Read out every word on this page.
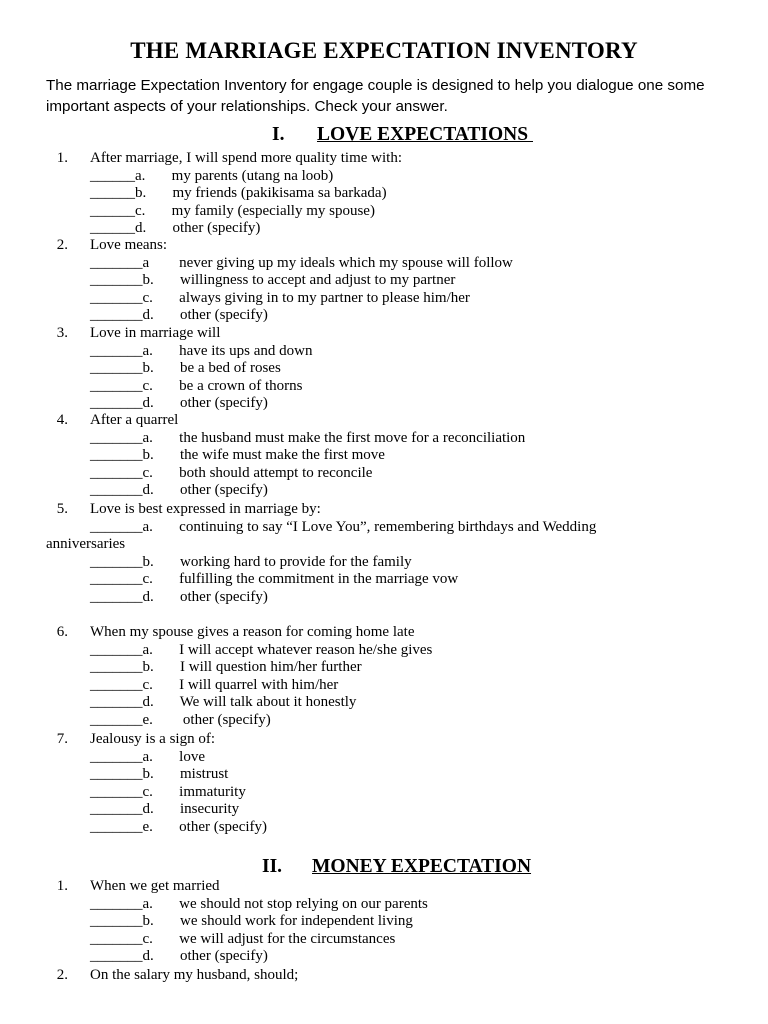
THE MARRIAGE EXPECTATION INVENTORY
The marriage Expectation Inventory for engage couple is designed to help you dialogue one some important aspects of your relationships. Check your answer.
I. LOVE EXPECTATIONS
II. MONEY EXPECTATION
1. After marriage, I will spend more quality time with:
______a.       my parents (utang na loob)
______b.       my friends (pakikisama sa barkada)
______c.       my family (especially my spouse)
______d.       other (specify)
2. Love means:
_______a        never giving up my ideals which my spouse will follow
_______b.       willingness to accept and adjust to my partner
_______c.       always giving in to my partner to please him/her
_______d.       other (specify)
3. Love in marriage will
_______a.       have its ups and down
_______b.       be a bed of roses
_______c.       be a crown of thorns
_______d.       other (specify)
4. After a quarrel
_______a.       the husband must make the first move for a reconciliation
_______b.       the wife must make the first move
_______c.       both should attempt to reconcile
_______d.       other (specify)
5. Love is best expressed in marriage by:
_______a.       continuing to say “I Love You”, remembering birthdays and Wedding
anniversaries
_______b.       working hard to provide for the family
_______c.       fulfilling the commitment in the marriage vow
_______d.       other (specify)
6. When my spouse gives a reason for coming home late
_______a.       I will accept whatever reason he/she gives
_______b.       I will question him/her further
_______c.       I will quarrel with him/her
_______d.       We will talk about it honestly
_______e.        other (specify)
7. Jealousy is a sign of:
_______a.       love
_______b.       mistrust
_______c.       immaturity
_______d.       insecurity
_______e.       other (specify)
1. When we get married
_______a.       we should not stop relying on our parents
_______b.       we should work for independent living
_______c.       we will adjust for the circumstances
_______d.       other (specify)
2. On the salary my husband, should;
